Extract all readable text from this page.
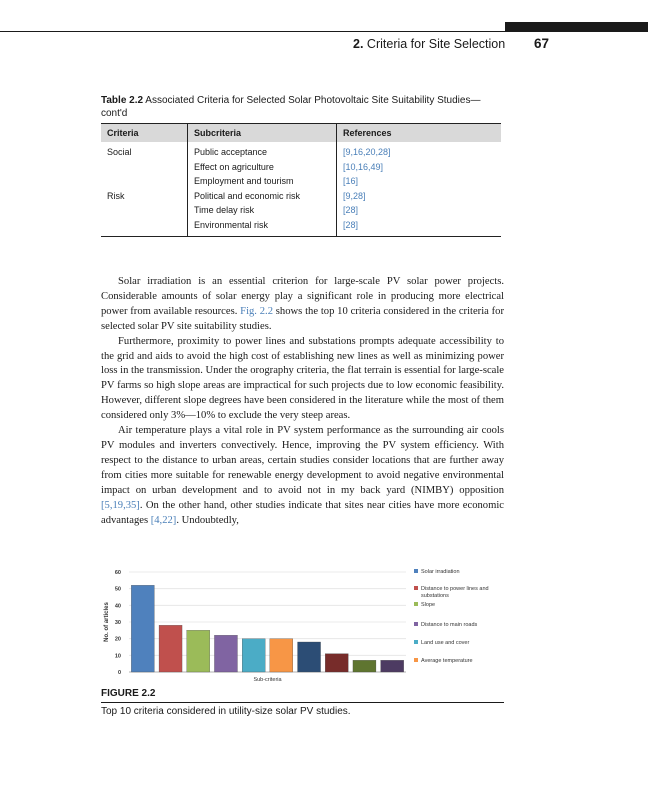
2. Criteria for Site Selection 67
Table 2.2 Associated Criteria for Selected Solar Photovoltaic Site Suitability Studies—cont'd
Criteria	Subcriteria	References
Social	Public acceptance	[9,16,20,28]
	Effect on agriculture	[10,16,49]
	Employment and tourism	[16]
Risk	Political and economic risk	[9,28]
	Time delay risk	[28]
	Environmental risk	[28]

Solar irradiation is an essential criterion for large-scale PV solar power projects. Considerable amounts of solar energy play a significant role in producing more electrical power from available resources. Fig. 2.2 shows the top 10 criteria considered in the criteria for selected solar PV site suitability studies.

Furthermore, proximity to power lines and substations prompts adequate accessibility to the grid and aids to avoid the high cost of establishing new lines as well as minimizing power loss in the transmission. Under the orography criteria, the flat terrain is essential for large-scale PV farms so high slope areas are impractical for such projects due to low economic feasibility. However, different slope degrees have been considered in the literature while the most of them considered only 3%—10% to exclude the very steep areas.

Air temperature plays a vital role in PV system performance as the surrounding air cools PV modules and inverters convectively. Hence, improving the PV system efficiency. With respect to the distance to urban areas, certain studies consider locations that are further away from cities more suitable for renewable energy development to avoid negative environmental impact on urban development and to avoid not in my back yard (NIMBY) opposition [5,19,35]. On the other hand, other studies indicate that sites near cities have more economic advantages [4,22]. Undoubtedly,

0
10
20
30
40
50
60
Sub-criteria
No. of articles
Solar irradiation
Distance to power lines and
substations
Slope
Distance to main roads
Land use and cover
Average temperature
FIGURE 2.2
Top 10 criteria considered in utility-size solar PV studies.
